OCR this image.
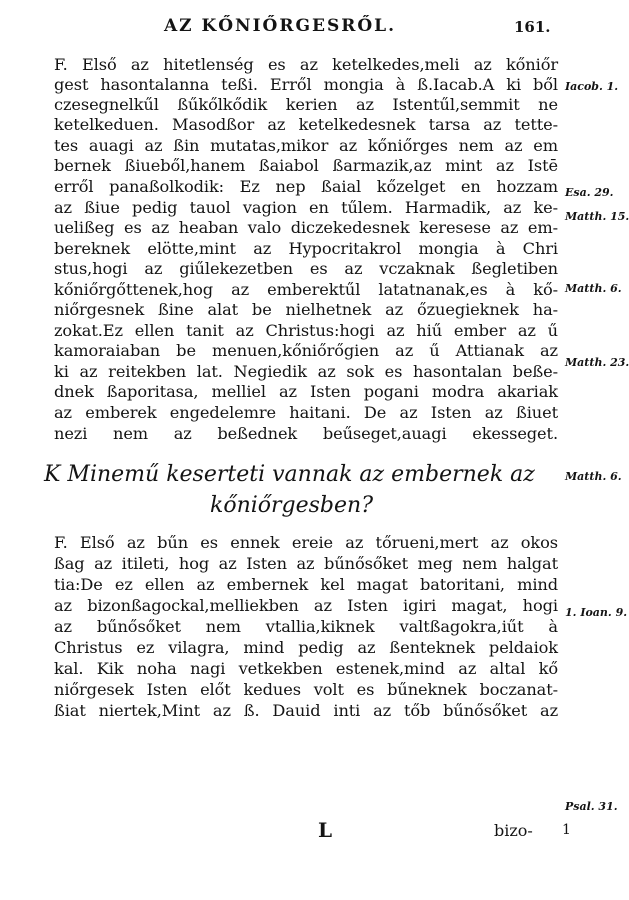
AZ KŐNIŐRGESRŐL.	161.
F. Első az hitetlenség es az ketelkedes,meli az kőniőr
gest hasontalanna teßi. Erről mongia à ß.Iacab.A ki ből
czesegnelkűl ßűkőlkődik kerien az Istentűl,semmit ne
ketelkeduen. Masodßor az ketelkedesnek tarsa az tette-
tes auagi az ßin mutatas,mikor az kőniőrges nem az em
bernek ßiueből,hanem ßaiabol ßarmazik,az mint az Istē
erről panaßolkodik: Ez nep ßaial kőzelget en hozzam
az ßiue pedig tauol vagion en tűlem. Harmadik, az ke-
uelißeg es az heaban valo diczekedesnek keresese az em-
bereknek elötte,mint az Hypocritakrol mongia à Chri
stus,hogi az giűlekezetben es az vczaknak ßegletiben
kőniőrgőttenek,hog az emberektűl latatnanak,es à kő-
niőrgesnek ßine alat be nielhetnek az őzuegieknek ha-
zokat.Ez ellen tanit az Christus:hogi az hiű ember az ű
kamoraiaban be menuen,kőniőrőgien az ű Attianak az
ki az reitekben lat. Negiedik az sok es hasontalan beße-
dnek ßaporitasa, melliel az Isten pogani modra akariak
az emberek engedelemre haitani. De az Isten az ßiuet
nezi nem az beßednek beűseget,auagi ekesseget.
K Minemű keserteti vannak az embernek az
kőniőrgesben?
F. Első az bűn es ennek ereie az tőrueni,mert az okos
ßag az itileti, hog az Isten az bűnősőket meg nem halgat
tia:De ez ellen az embernek kel magat batoritani, mind
az bizonßagockal,melliekben az Isten igiri magat, hogi
az bűnősőket nem vtallia,kiknek valtßagokra,iűt à
Christus ez vilagra, mind pedig az ßenteknek peldaiok
kal. Kik noha nagi vetkekben estenek,mind az altal kő
niőrgesek Isten előt kedues volt es bűneknek boczanat-
ßiat niertek,Mint az ß. Dauid inti az tőb bűnősőket az
Iacob. 1.
Esa. 29.
Matth. 15.
Matth. 6.
Matth. 23.
Matth. 6.
1. Ioan. 9.
Psal. 31.
L	bizo- 1
